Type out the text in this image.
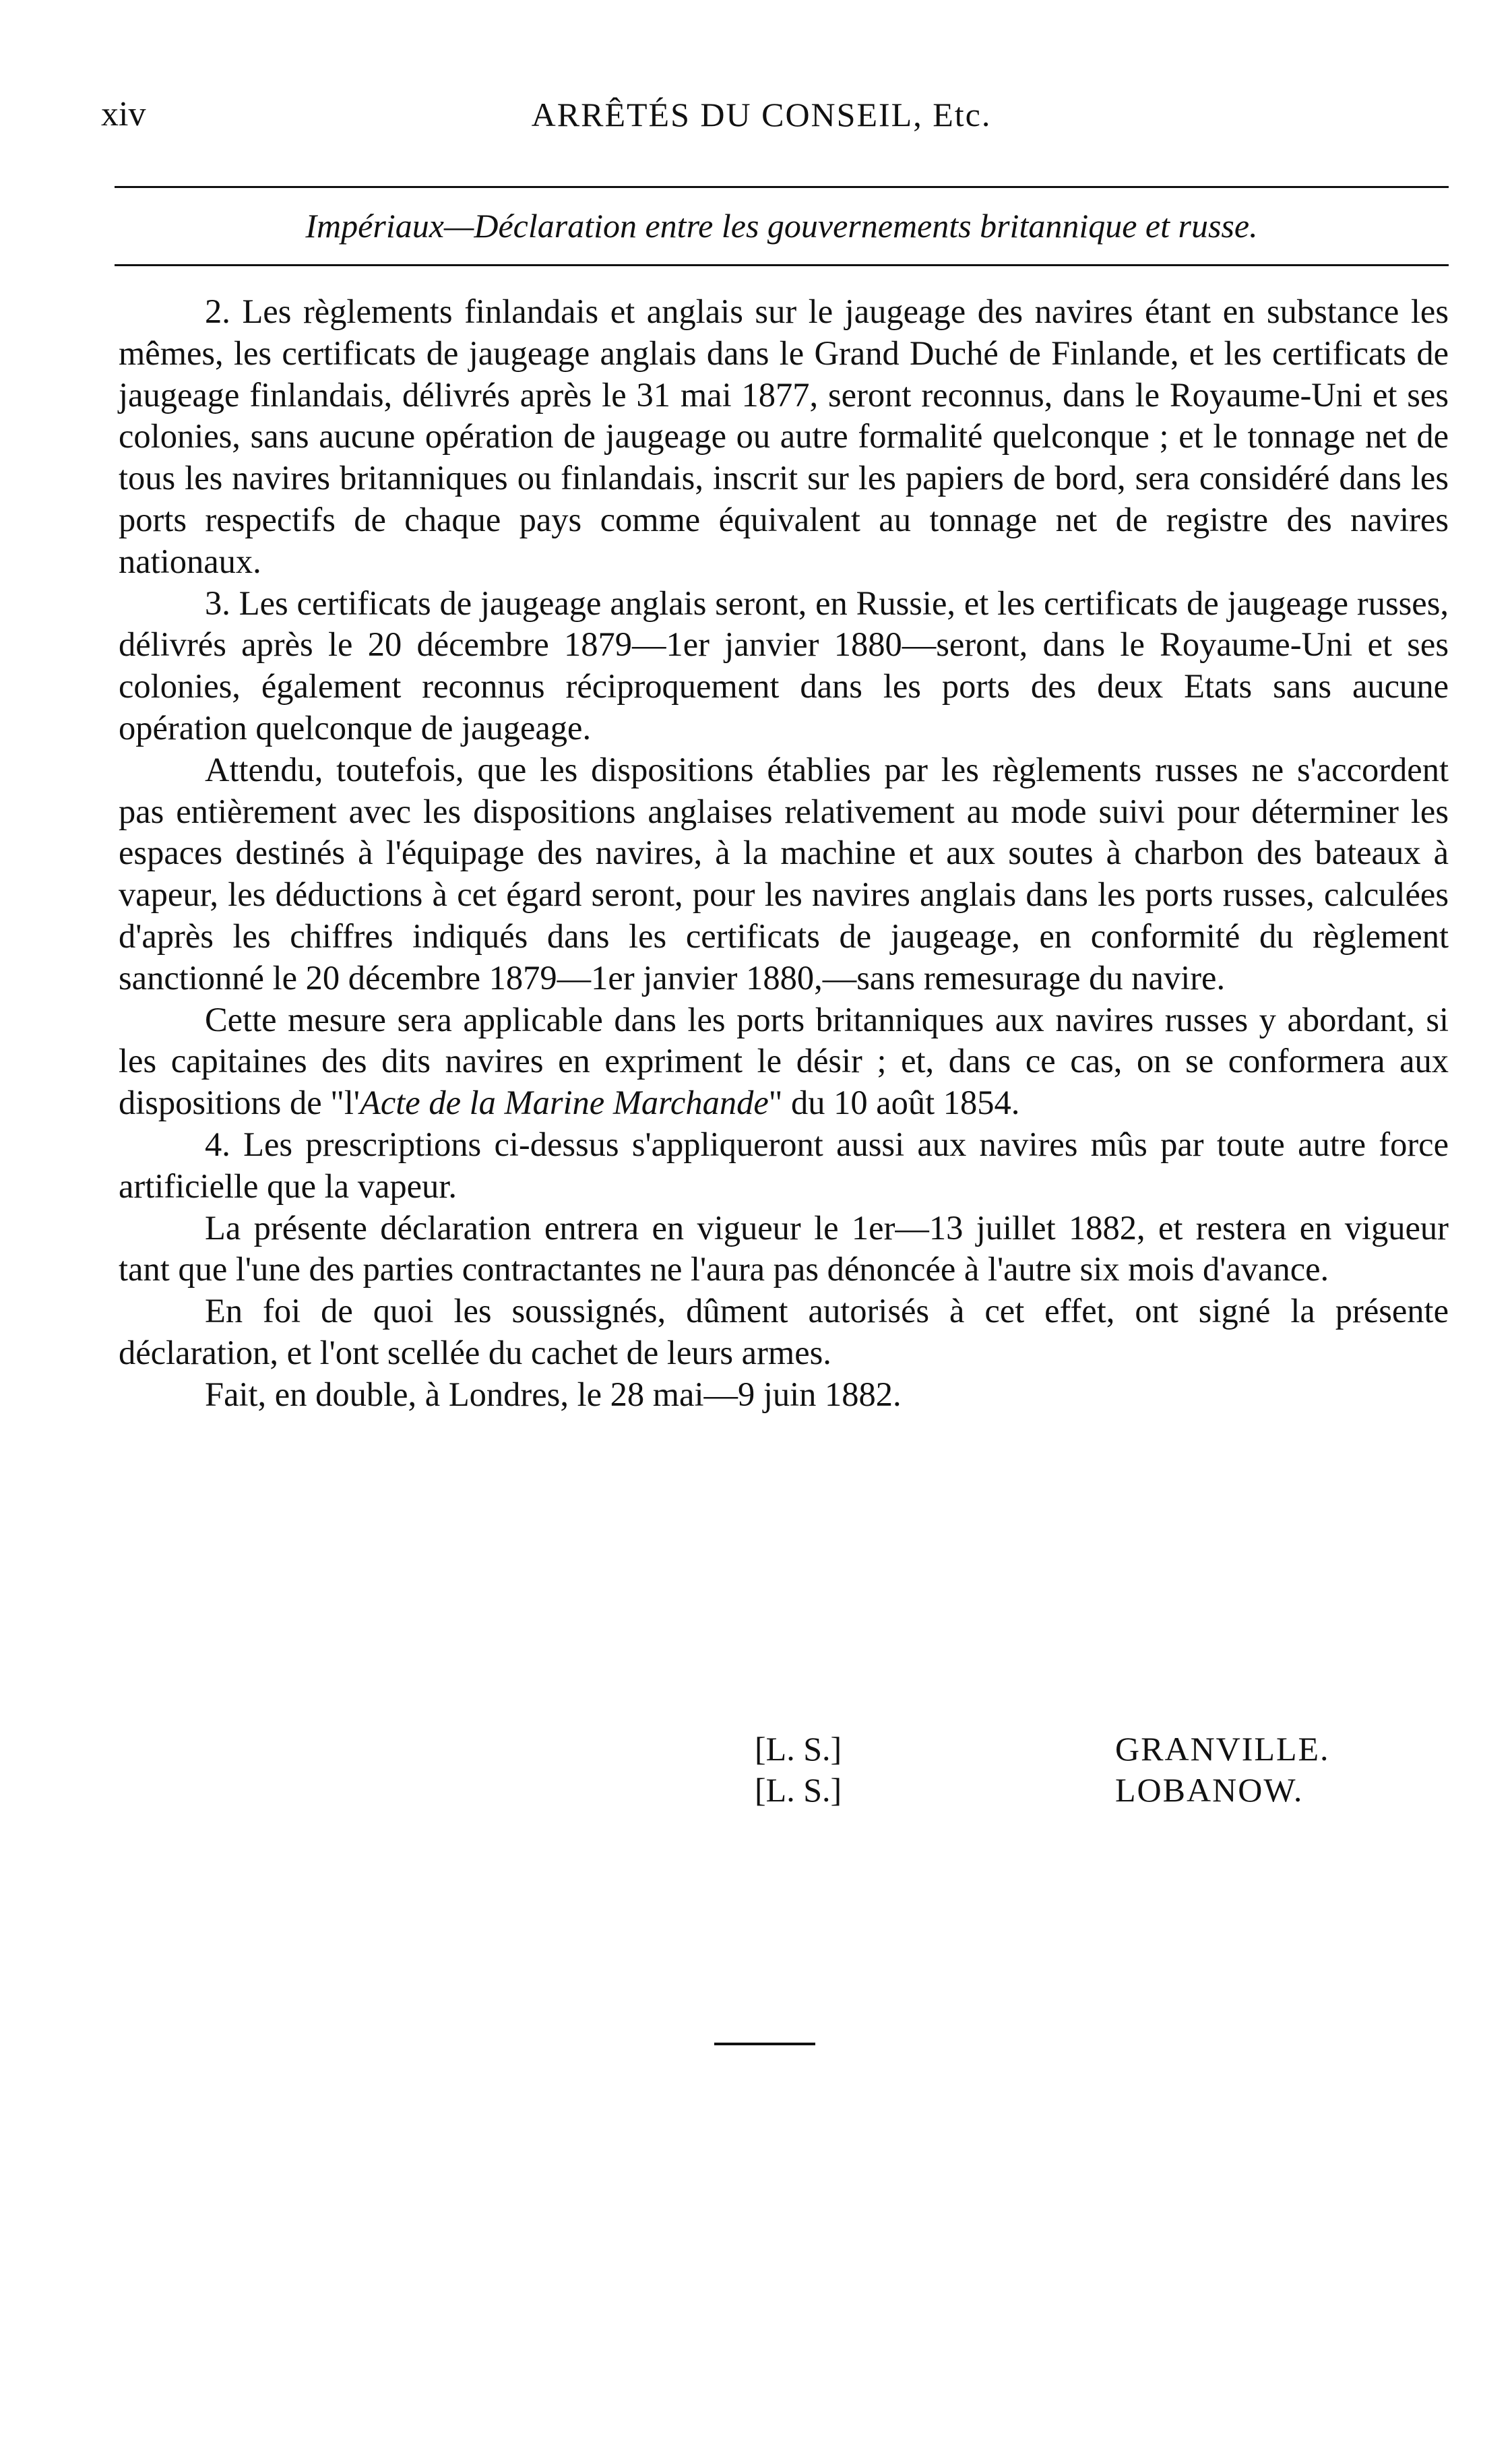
xiv	ARRÊTÉS DU CONSEIL, Etc.
Impériaux—Déclaration entre les gouvernements britannique et russe.

2. Les règlements finlandais et anglais sur le jaugeage des navires étant en substance les mêmes, les certificats de jaugeage anglais dans le Grand Duché de Finlande, et les certificats de jaugeage finlandais, délivrés après le 31 mai 1877, seront reconnus, dans le Royaume-Uni et ses colonies, sans aucune opération de jaugeage ou autre formalité quelconque ; et le tonnage net de tous les navires britanniques ou finlandais, inscrit sur les papiers de bord, sera considéré dans les ports respectifs de chaque pays comme équivalent au tonnage net de registre des navires nationaux.

3. Les certificats de jaugeage anglais seront, en Russie, et les certificats de jaugeage russes, délivrés après le 20 décembre 1879—1er janvier 1880—seront, dans le Royaume-Uni et ses colonies, également reconnus réciproquement dans les ports des deux Etats sans aucune opération quelconque de jaugeage.

Attendu, toutefois, que les dispositions établies par les règlements russes ne s'accordent pas entièrement avec les dispositions anglaises relativement au mode suivi pour déterminer les espaces destinés à l'équipage des navires, à la machine et aux soutes à charbon des bateaux à vapeur, les déductions à cet égard seront, pour les navires anglais dans les ports russes, calculées d'après les chiffres indiqués dans les certificats de jaugeage, en conformité du règlement sanctionné le 20 décembre 1879—1er janvier 1880,—sans remesurage du navire.

Cette mesure sera applicable dans les ports britanniques aux navires russes y abordant, si les capitaines des dits navires en expriment le désir ; et, dans ce cas, on se conformera aux dispositions de "l'Acte de la Marine Marchande" du 10 août 1854.

4. Les prescriptions ci-dessus s'appliqueront aussi aux navires mûs par toute autre force artificielle que la vapeur.

La présente déclaration entrera en vigueur le 1er—13 juillet 1882, et restera en vigueur tant que l'une des parties contractantes ne l'aura pas dénoncée à l'autre six mois d'avance.

En foi de quoi les soussignés, dûment autorisés à cet effet, ont signé la présente déclaration, et l'ont scellée du cachet de leurs armes.

Fait, en double, à Londres, le 28 mai—9 juin 1882.

[L. S.]	GRANVILLE.
[L. S.]	LOBANOW.
